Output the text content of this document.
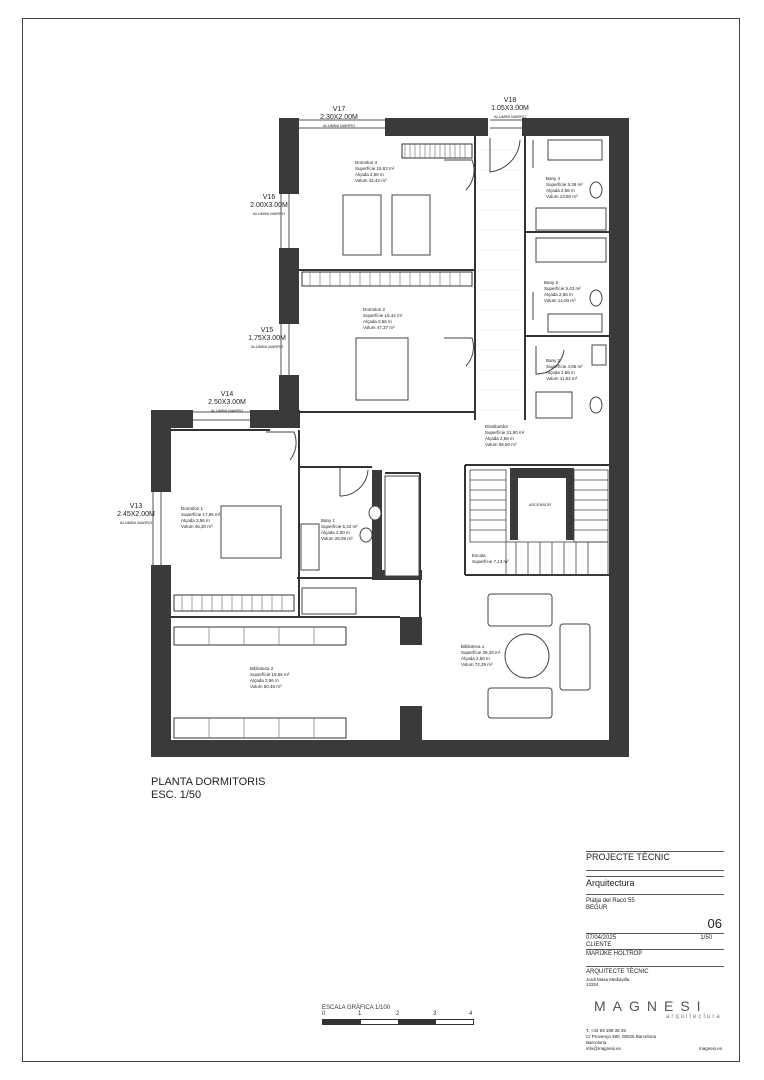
V17
2.30X2.00M
ALUMINI MARRO
V18
1.05X3.00M
ALUMINI MARRO
V16
2.00X3.00M
ALUMINI MARRO
V15
1.75X3.00M
ALUMINI MARRO
V14
2.50X3.00M
ALUMINI MARRO
V13
2.45X2.00M
ALUMINI MARRO
Dormitori 3
Superfície 16,63 m²
Alçada 2,56 m
Volum 42,42 m³
Dormitori 2
Superfície 16,44 m²
Alçada 2,56 m
Volum 47,37 m³
Dormitori 1
Superfície 17,56 m²
Alçada 2,56 m
Volum 45,30 m³
Bany 4
Superfície 5,39 m²
Alçada 2,56 m
Volum 13,60 m³
Bany 3
Superfície 5,43 m²
Alçada 2,56 m
Volum 14,00 m³
Bany 2
Superfície 4,65 m²
Alçada 2,56 m
Volum 11,62 m³
Distribuïdor
Superfície 21,90 m²
Alçada 2,56 m
Volum 56,50 m³
Bany 1
Superfície 5,34 m²
Alçada 2,50 m
Volum 28,09 m³
Escala
Superfície 7,13 m²
Biblioteca 1
Superfície 29,28 m²
Alçada 2,50 m
Volum 72,29 m³
Biblioteca 2
Superfície 19,56 m²
Alçada 2,56 m
Volum 50,46 m³
ASCENSOR
PLANTA DORMITORIS
ESC. 1/50
ESCALA GRÀFICA 1/100
0	1	2	3	4
PROJECTE TÈCNIC
Arquitectura
Platja del Racó 55
BEGUR
06
07/04/2025	1/50
CLIENTE
MARIJKE HOLTROP
ARQUITECTE TÈCNIC
Jordi Masa Mediavilla
13324
MAGNESI
arquitectura
T. +34 93 188 36 25
C/ Provença 380, 08025 Barcelona
Barcelona
info@magnesi.es	magnesi.es
